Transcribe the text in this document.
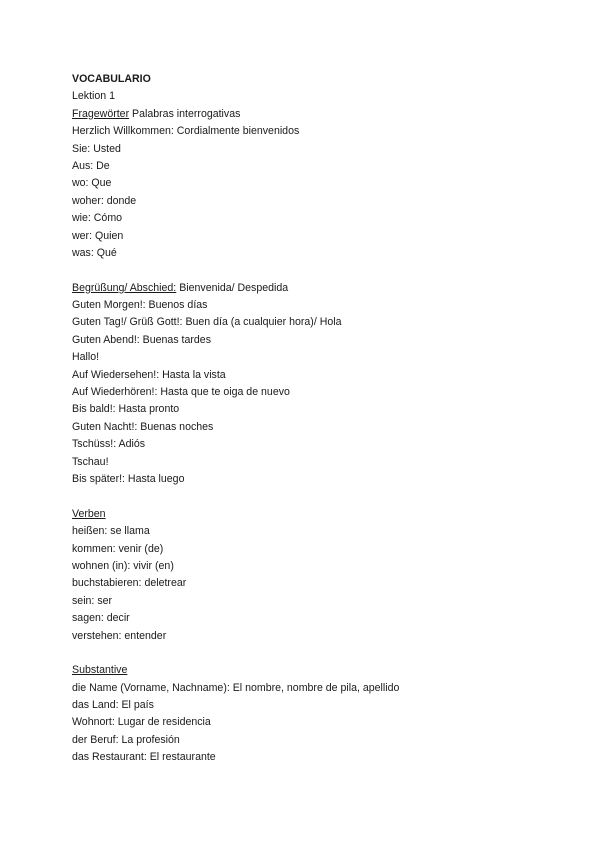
VOCABULARIO
Lektion 1
Fragewörter Palabras interrogativas
Herzlich Willkommen: Cordialmente bienvenidos
Sie: Usted
Aus: De
wo: Que
woher: donde
wie: Cómo
wer: Quien
was: Qué
Begrüßung/ Abschied: Bienvenida/ Despedida
Guten Morgen!: Buenos días
Guten Tag!/ Grüß Gott!: Buen día (a cualquier hora)/ Hola
Guten Abend!: Buenas tardes
Hallo!
Auf Wiedersehen!: Hasta la vista
Auf Wiederhören!: Hasta que te oiga de nuevo
Bis bald!: Hasta pronto
Guten Nacht!: Buenas noches
Tschüss!: Adiós
Tschau!
Bis später!: Hasta luego
Verben
heißen: se llama
kommen: venir (de)
wohnen (in): vivir (en)
buchstabieren: deletrear
sein: ser
sagen: decir
verstehen: entender
Substantive
die Name (Vorname, Nachname): El nombre, nombre de pila, apellido
das Land: El país
Wohnort: Lugar de residencia
der Beruf: La profesión
das Restaurant: El restaurante
